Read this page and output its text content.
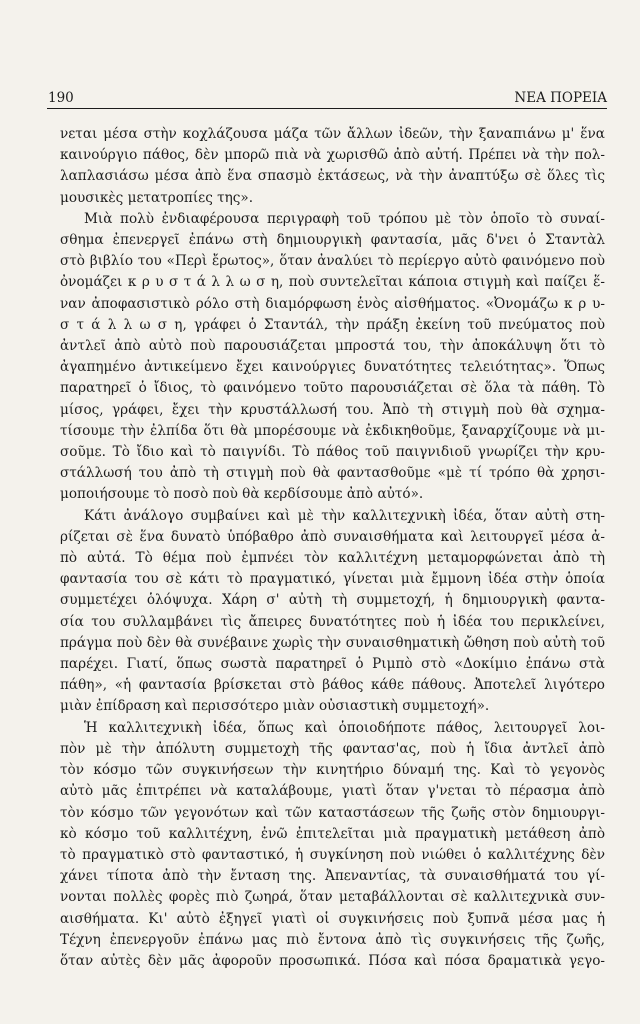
190	ΝΕΑ ΠΟΡΕΙΑ
νεται μέσα στὴν κοχλάζουσα μάζα τῶν ἄλλων ἰδεῶν, τὴν ξαναπιάνω μ' ἕνα
καινούργιο πάθος, δὲν μπορῶ πιὰ νὰ χωρισθῶ ἀπὸ αὐτή. Πρέπει νὰ τὴν πολ-
λαπλασιάσω μέσα ἀπὸ ἕνα σπασμὸ ἐκτάσεως, νὰ τὴν ἀναπτύξω σὲ ὅλες τὶς
μουσικὲς μετατροπίες της».
Μιὰ πολὺ ἐνδιαφέρουσα περιγραφὴ τοῦ τρόπου μὲ τὸν ὁποῖο τὸ συναί-
σθημα ἐπενεργεῖ ἐπάνω στὴ δημιουργικὴ φαντασία, μᾶς δ'νει ὁ Σταντὰλ
στὸ βιβλίο του «Περὶ ἔρωτος», ὅταν ἀναλύει τὸ περίεργο αὐτὸ φαινόμενο ποὺ
ὀνομάζει κ ρ υ σ τ ά λ λ ω σ η, ποὺ συντελεῖται κάποια στιγμὴ καὶ παίζει ἕ-
ναν ἀποφασιστικὸ ρόλο στὴ διαμόρφωση ἑνὸς αἰσθήματος. «Ὀνομάζω κ ρ υ-
σ τ ά λ λ ω σ η, γράφει ὁ Σταντάλ, τὴν πράξη ἐκείνη τοῦ πνεύματος ποὺ
ἀντλεῖ ἀπὸ αὐτὸ ποὺ παρουσιάζεται μπροστά του, τὴν ἀποκάλυψη ὅτι τὸ
ἀγαπημένο ἀντικείμενο ἔχει καινούργιες δυνατότητες τελειότητας». Ὅπως
παρατηρεῖ ὁ ἴδιος, τὸ φαινόμενο τοῦτο παρουσιάζεται σὲ ὅλα τὰ πάθη. Τὸ
μίσος, γράφει, ἔχει τὴν κρυστάλλωσή του. Ἀπὸ τὴ στιγμὴ ποὺ θὰ σχημα-
τίσουμε τὴν ἐλπίδα ὅτι θὰ μπορέσουμε νὰ ἐκδικηθοῦμε, ξαναρχίζουμε νὰ μι-
σοῦμε. Τὸ ἴδιο καὶ τὸ παιγνίδι. Τὸ πάθος τοῦ παιγνιδιοῦ γνωρίζει τὴν κρυ-
στάλλωσή του ἀπὸ τὴ στιγμὴ ποὺ θὰ φαντασθοῦμε «μὲ τί τρόπο θὰ χρησι-
μοποιήσουμε τὸ ποσὸ ποὺ θὰ κερδίσουμε ἀπὸ αὐτό».
Κάτι ἀνάλογο συμβαίνει καὶ μὲ τὴν καλλιτεχνικὴ ἰδέα, ὅταν αὐτὴ στη-
ρίζεται σὲ ἕνα δυνατὸ ὑπόβαθρο ἀπὸ συναισθήματα καὶ λειτουργεῖ μέσα ἀ-
πὸ αὐτά. Τὸ θέμα ποὺ ἐμπνέει τὸν καλλιτέχνη μεταμορφώνεται ἀπὸ τὴ
φαντασία του σὲ κάτι τὸ πραγματικό, γίνεται μιὰ ἔμμονη ἰδέα στὴν ὁποία
συμμετέχει ὁλόψυχα. Χάρη σ' αὐτὴ τὴ συμμετοχή, ἡ δημιουργικὴ φαντα-
σία του συλλαμβάνει τὶς ἄπειρες δυνατότητες ποὺ ἡ ἰδέα του περικλείνει,
πράγμα ποὺ δὲν θὰ συνέβαινε χωρὶς τὴν συναισθηματικὴ ὤθηση ποὺ αὐτὴ τοῦ
παρέχει. Γιατί, ὅπως σωστὰ παρατηρεῖ ὁ Ριμπὸ στὸ «Δοκίμιο ἐπάνω στὰ
πάθη», «ἡ φαντασία βρίσκεται στὸ βάθος κάθε πάθους. Ἀποτελεῖ λιγότερο
μιὰν ἐπίδραση καὶ περισσότερο μιὰν οὐσιαστικὴ συμμετοχή».
Ἡ καλλιτεχνικὴ ἰδέα, ὅπως καὶ ὁποιοδήποτε πάθος, λειτουργεῖ λοι-
πὸν μὲ τὴν ἀπόλυτη συμμετοχὴ τῆς φαντασ'ας, ποὺ ἡ ἴδια ἀντλεῖ ἀπὸ
τὸν κόσμο τῶν συγκινήσεων τὴν κινητήριο δύναμή της. Καὶ τὸ γεγονὸς
αὐτὸ μᾶς ἐπιτρέπει νὰ καταλάβουμε, γιατὶ ὅταν γ'νεται τὸ πέρασμα ἀπὸ
τὸν κόσμο τῶν γεγονότων καὶ τῶν καταστάσεων τῆς ζωῆς στὸν δημιουργι-
κὸ κόσμο τοῦ καλλιτέχνη, ἐνῶ ἐπιτελεῖται μιὰ πραγματικὴ μετάθεση ἀπὸ
τὸ πραγματικὸ στὸ φανταστικό, ἡ συγκίνηση ποὺ νιώθει ὁ καλλιτέχνης δὲν
χάνει τίποτα ἀπὸ τὴν ἔνταση της. Ἀπεναντίας, τὰ συναισθήματά του γί-
νονται πολλὲς φορὲς πιὸ ζωηρά, ὅταν μεταβάλλονται σὲ καλλιτεχνικὰ συν-
αισθήματα. Κι' αὐτὸ ἐξηγεῖ γιατὶ οἱ συγκινήσεις ποὺ ξυπνᾶ μέσα μας ἡ
Τέχνη ἐπενεργοῦν ἐπάνω μας πιὸ ἔντονα ἀπὸ τὶς συγκινήσεις τῆς ζωῆς,
ὅταν αὐτὲς δὲν μᾶς ἀφοροῦν προσωπικά. Πόσα καὶ πόσα δραματικὰ γεγο-
